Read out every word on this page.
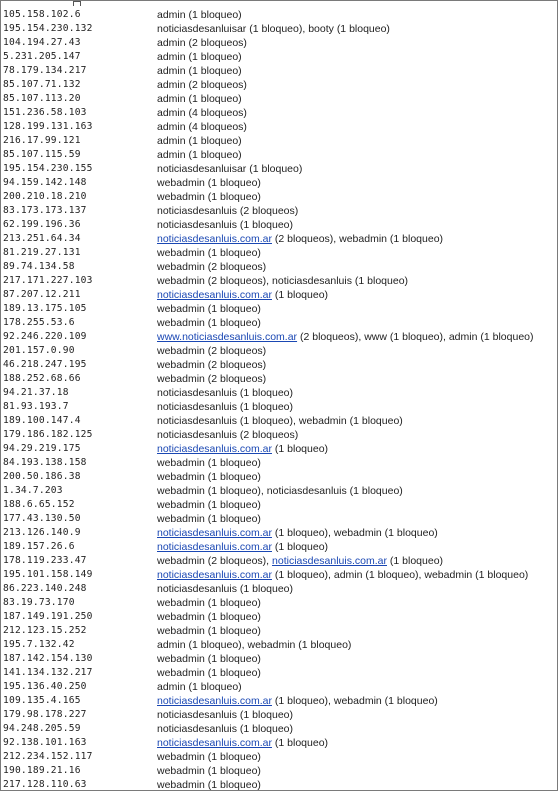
105.158.102.6	admin (1 bloqueo)
195.154.230.132	noticiasdesanluisar (1 bloqueo), booty (1 bloqueo)
104.194.27.43	admin (2 bloqueos)
5.231.205.147	admin (1 bloqueo)
78.179.134.217	admin (1 bloqueo)
85.107.71.132	admin (2 bloqueos)
85.107.113.20	admin (1 bloqueo)
151.236.58.103	admin (4 bloqueos)
128.199.131.163	admin (4 bloqueos)
216.17.99.121	admin (1 bloqueo)
85.107.115.59	admin (1 bloqueo)
195.154.230.155	noticiasdesanluisar (1 bloqueo)
94.159.142.148	webadmin (1 bloqueo)
200.210.18.210	webadmin (1 bloqueo)
83.173.173.137	noticiasdesanluis (2 bloqueos)
62.199.196.36	noticiasdesanluis (1 bloqueo)
213.251.64.34	noticiasdesanluis.com.ar (2 bloqueos), webadmin (1 bloqueo)
81.219.27.131	webadmin (1 bloqueo)
89.74.134.58	webadmin (2 bloqueos)
217.171.227.103	webadmin (2 bloqueos), noticiasdesanluis (1 bloqueo)
87.207.12.211	noticiasdesanluis.com.ar (1 bloqueo)
189.13.175.105	webadmin (1 bloqueo)
178.255.53.6	webadmin (1 bloqueo)
92.246.220.109	www.noticiasdesanluis.com.ar (2 bloqueos), www (1 bloqueo), admin (1 bloqueo)
201.157.0.90	webadmin (2 bloqueos)
46.218.247.195	webadmin (2 bloqueos)
188.252.68.66	webadmin (2 bloqueos)
94.21.37.18	noticiasdesanluis (1 bloqueo)
81.93.193.7	noticiasdesanluis (1 bloqueo)
189.100.147.4	noticiasdesanluis (1 bloqueo), webadmin (1 bloqueo)
179.186.182.125	noticiasdesanluis (2 bloqueos)
94.29.219.175	noticiasdesanluis.com.ar (1 bloqueo)
84.193.138.158	webadmin (1 bloqueo)
200.50.186.38	webadmin (1 bloqueo)
1.34.7.203	webadmin (1 bloqueo), noticiasdesanluis (1 bloqueo)
188.6.65.152	webadmin (1 bloqueo)
177.43.130.50	webadmin (1 bloqueo)
213.126.140.9	noticiasdesanluis.com.ar (1 bloqueo), webadmin (1 bloqueo)
189.157.26.6	noticiasdesanluis.com.ar (1 bloqueo)
178.119.233.47	webadmin (2 bloqueos), noticiasdesanluis.com.ar (1 bloqueo)
195.101.158.149	noticiasdesanluis.com.ar (1 bloqueo), admin (1 bloqueo), webadmin (1 bloqueo)
86.223.140.248	noticiasdesanluis (1 bloqueo)
83.19.73.170	webadmin (1 bloqueo)
187.149.191.250	webadmin (1 bloqueo)
212.123.15.252	webadmin (1 bloqueo)
195.7.132.42	admin (1 bloqueo), webadmin (1 bloqueo)
187.142.154.130	webadmin (1 bloqueo)
141.134.132.217	webadmin (1 bloqueo)
195.136.40.250	admin (1 bloqueo)
109.135.4.165	noticiasdesanluis.com.ar (1 bloqueo), webadmin (1 bloqueo)
179.98.178.227	noticiasdesanluis (1 bloqueo)
94.248.205.59	noticiasdesanluis (1 bloqueo)
92.138.101.163	noticiasdesanluis.com.ar (1 bloqueo)
212.234.152.117	webadmin (1 bloqueo)
190.189.21.16	webadmin (1 bloqueo)
217.128.110.63	webadmin (1 bloqueo)
